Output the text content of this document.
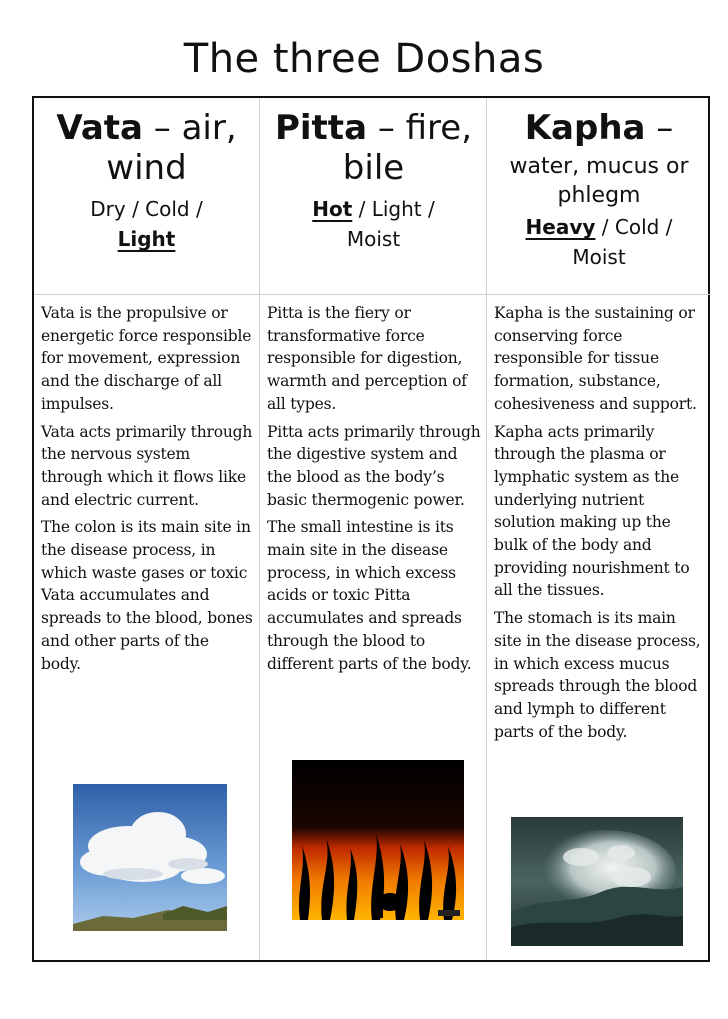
The three Doshas
Vata – air, wind
Dry / Cold /
Light

Vata is the propulsive or energetic force responsible for movement, expression and the discharge of all impulses.

Vata acts primarily through the nervous system through which it flows like and electric current.

The colon is its main site in the disease process, in which waste gases or toxic Vata accumulates and spreads to the blood, bones and other parts of the body.

Pitta – fire, bile
Hot / Light /
Moist

Pitta is the fiery or transformative force responsible for digestion, warmth and perception of all types.

Pitta acts primarily through the digestive system and the blood as the body’s basic thermogenic power.

The small intestine is its main site in the disease process, in which excess acids or toxic Pitta accumulates and spreads through the blood to different parts of the body.

Kapha –
water, mucus or phlegm
Heavy / Cold /
Moist

Kapha is the sustaining or conserving force responsible for tissue formation, substance, cohesiveness and support.

Kapha acts primarily through the plasma or lymphatic system as the underlying nutrient solution making up the bulk of the body and providing nourishment to all the tissues.

The stomach is its main site in the disease process, in which excess mucus spreads through the blood and lymph to different parts of the body.
